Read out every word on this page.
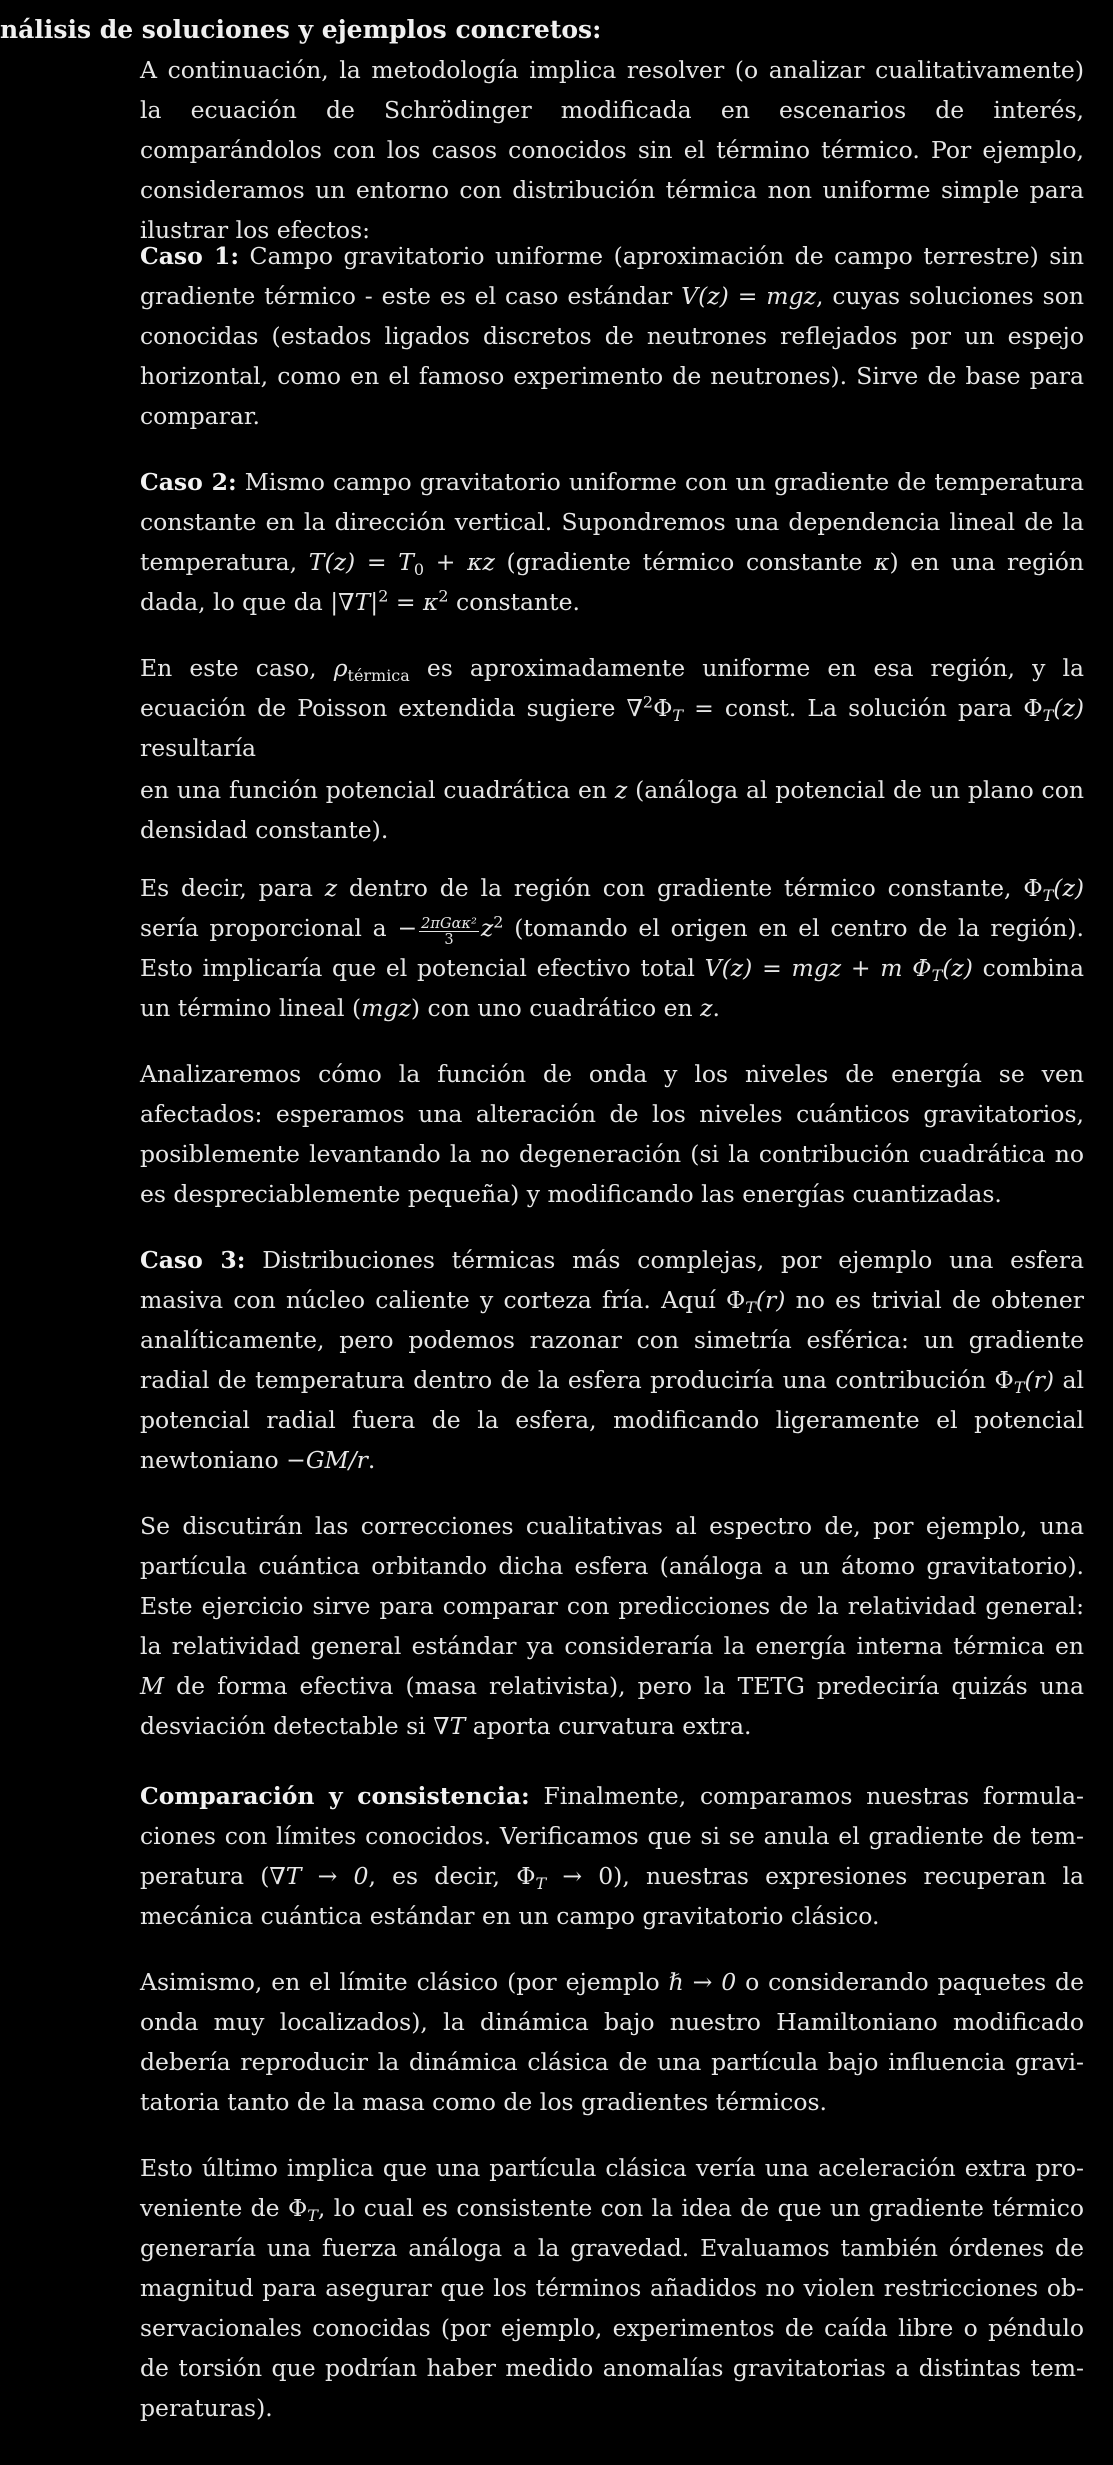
nálisis de soluciones y ejemplos concretos:
A continuación, la metodología implica resolver (o analizar cualitativamente) la ecuación de Schrödinger modificada en escenarios de interés, comparándolos con los casos conocidos sin el término térmico. Por ejemplo, consideramos un entorno con distribución térmica non uniforme simple para ilustrar los efectos:
Caso 1: Campo gravitatorio uniforme (aproximación de campo terrestre) sin gradiente térmico - este es el caso estándar V(z) = mgz, cuyas soluciones son conocidas (estados ligados discretos de neutrones reflejados por un espejo horizontal, como en el famoso experimento de neutrones). Sirve de base para comparar.
Caso 2: Mismo campo gravitatorio uniforme con un gradiente de temperatura constante en la dirección vertical. Supondremos una dependencia lineal de la temperatura, $T(z) = T_0 + \kappa z$ (gradiente térmico constante κ) en una región dada, lo que da $|\nabla T|^2 = \kappa^2$ constante.
En este caso, $\rho_{térmica}$ es aproximadamente uniforme en esa región, y la ecuación de Poisson extendida sugiere $\nabla^2\Phi_T$ = const. La solución para $\Phi_T(z)$ resultaría
en una función potencial cuadrática en z (análoga al potencial de un plano con densidad constante).
Es decir, para z dentro de la región con gradiente térmico constante, $\Phi_T(z)$ sería proporcional $a - \frac{\text{2πGακ²}}{3} z^2$ (tomando el origen en el centro de la región). Esto implicaría que el potencial efectivo total V(z) = mgz + m $\Phi_T(z)$ combina un término lineal (mgz) con uno cuadrático en z.
Analizaremos cómo la función de onda y los niveles de energía se ven afectados: esperamos una alteración de los niveles cuánticos gravitatorios, posiblemente levantando la no degeneración (si la contribución cuadrática no es despreciablemente pequeña) y modificando las energías cuantizadas.
Caso 3: Distribuciones térmicas más complejas, por ejemplo una esfera masiva con núcleo caliente y corteza fría. Aquí $\Phi_T(r)$ no es trivial de obtener analíticamente, pero podemos razonar con simetría esférica: un gradiente radial de temperatura dentro de la esfera produciría una contribución $\Phi_T(r)$ al potencial radial fuera de la esfera, modificando ligeramente el potencial newtoniano −GM/r.
Se discutirán las correcciones cualitativas al espectro de, por ejemplo, una partícula cuántica orbitando dicha esfera (análoga a un átomo gravitatorio). Este ejercicio sirve para comparar con predicciones de la relatividad general: la relatividad general estándar ya consideraría la energía interna térmica en M de forma efectiva (masa relativista), pero la TETG predeciría quizás una desviación detectable si ∇T aporta curvatura extra.
Comparación y consistencia: Finalmente, comparamos nuestras formulaciones con límites conocidos. Verificamos que si se anula el gradiente de temperatura (∇T → 0, es decir, $\Phi_T \to 0$), nuestras expresiones recuperan la mecánica cuántica estándar en un campo gravitatorio clásico.
Asimismo, en el límite clásico (por ejemplo ℏ → 0 o considerando paquetes de onda muy localizados), la dinámica bajo nuestro Hamiltoniano modificado debería reproducir la dinámica clásica de una partícula bajo influencia gravitatoria tanto de la masa como de los gradientes térmicos.
Esto último implica que una partícula clásica vería una aceleración extra proveniente de $\Phi_T$, lo cual es consistente con la idea de que un gradiente térmico generaría una fuerza análoga a la gravedad. Evaluamos también órdenes de magnitud para asegurar que los términos añadidos no violen restricciones observacionales conocidas (por ejemplo, experimentos de caída libre o péndulo de torsión que podrían haber medido anomalías gravitatorias a distintas temperaturas).
